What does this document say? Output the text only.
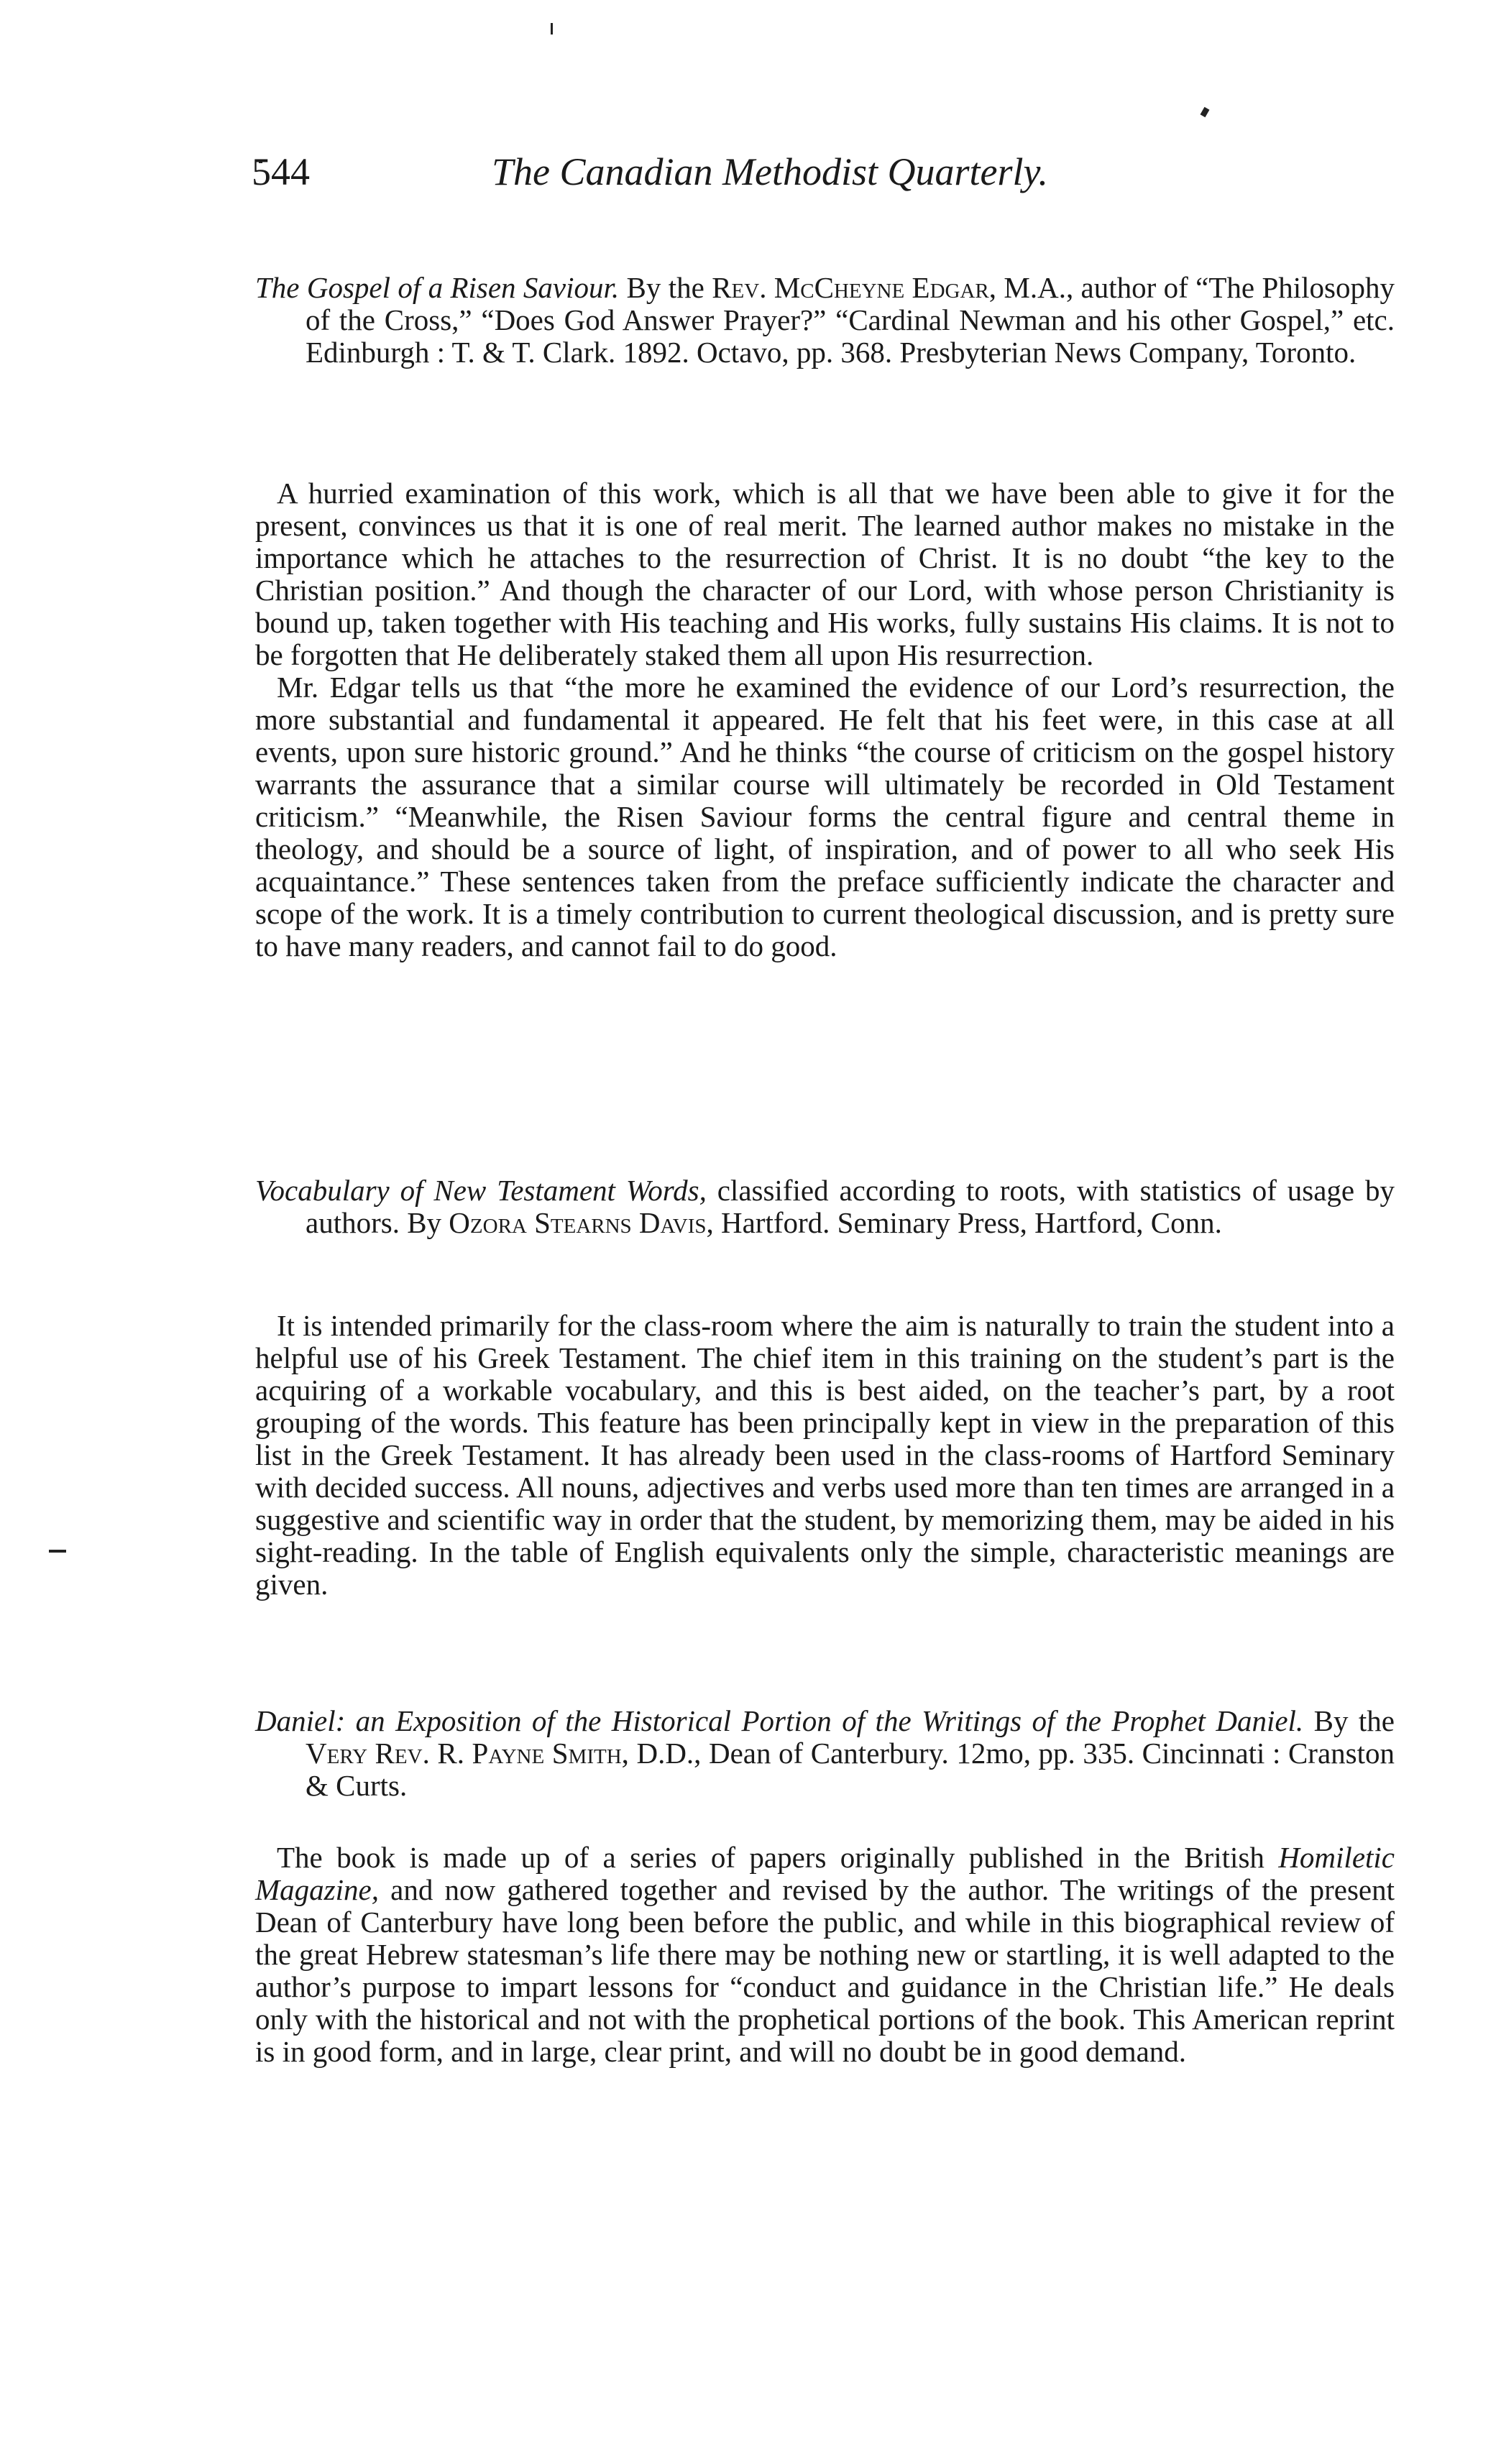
544	The Canadian Methodist Quarterly.

The Gospel of a Risen Saviour. By the Rev. McCheyne Edgar, M.A., author of “The Philosophy of the Cross,” “Does God Answer Prayer?” “Cardinal Newman and his other Gospel,” etc. Edinburgh : T. & T. Clark. 1892. Octavo, pp. 368. Presbyterian News Company, Toronto.

A hurried examination of this work, which is all that we have been able to give it for the present, convinces us that it is one of real merit. The learned author makes no mistake in the importance which he attaches to the resurrection of Christ. It is no doubt “the key to the Christian position.” And though the character of our Lord, with whose person Christianity is bound up, taken together with His teaching and His works, fully sustains His claims. It is not to be forgotten that He deliberately staked them all upon His resurrection.

Mr. Edgar tells us that “the more he examined the evidence of our Lord’s resurrection, the more substantial and fundamental it appeared. He felt that his feet were, in this case at all events, upon sure historic ground.” And he thinks “the course of criticism on the gospel history warrants the assurance that a similar course will ultimately be recorded in Old Testament criticism.” “Meanwhile, the Risen Saviour forms the central figure and central theme in theology, and should be a source of light, of inspiration, and of power to all who seek His acquaintance.” These sentences taken from the preface sufficiently indicate the character and scope of the work. It is a timely contribution to current theological discussion, and is pretty sure to have many readers, and cannot fail to do good.

Vocabulary of New Testament Words, classified according to roots, with statistics of usage by authors. By Ozora Stearns Davis, Hartford. Seminary Press, Hartford, Conn.

It is intended primarily for the class-room where the aim is naturally to train the student into a helpful use of his Greek Testament. The chief item in this training on the student’s part is the acquiring of a workable vocabulary, and this is best aided, on the teacher’s part, by a root grouping of the words. This feature has been principally kept in view in the preparation of this list in the Greek Testament. It has already been used in the class-rooms of Hartford Seminary with decided success. All nouns, adjectives and verbs used more than ten times are arranged in a suggestive and scientific way in order that the student, by memorizing them, may be aided in his sight-reading. In the table of English equivalents only the simple, characteristic meanings are given.

Daniel: an Exposition of the Historical Portion of the Writings of the Prophet Daniel. By the Very Rev. R. Payne Smith, D.D., Dean of Canterbury. 12mo, pp. 335. Cincinnati : Cranston & Curts.

The book is made up of a series of papers originally published in the British Homiletic Magazine, and now gathered together and revised by the author. The writings of the present Dean of Canterbury have long been before the public, and while in this biographical review of the great Hebrew statesman’s life there may be nothing new or startling, it is well adapted to the author’s purpose to impart lessons for “conduct and guidance in the Christian life.” He deals only with the historical and not with the prophetical portions of the book. This American reprint is in good form, and in large, clear print, and will no doubt be in good demand.
